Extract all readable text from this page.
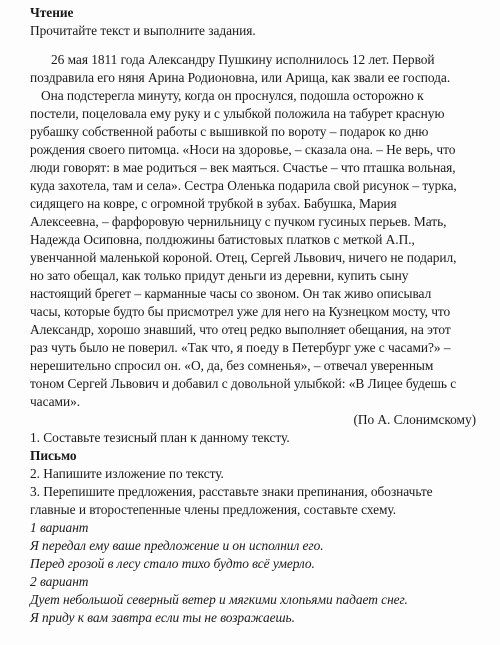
Чтение
Прочитайте текст и выполните задания.
26 мая 1811 года Александру Пушкину исполнилось 12 лет. Первой
поздравила его няня Арина Родионовна, или Арища, как звали ее господа.
Она подстерегла минуту, когда он проснулся, подошла осторожно к
постели, поцеловала ему руку и с улыбкой положила на табурет красную
рубашку собственной работы с вышивкой по вороту – подарок ко дню
рождения своего питомца. «Носи на здоровье, – сказала она. – Не верь, что
люди говорят: в мае родиться – век маяться. Счастье – что пташка вольная,
куда захотела, там и села». Сестра Оленька подарила свой рисунок – турка,
сидящего на ковре, с огромной трубкой в зубах. Бабушка, Мария
Алексеевна, – фарфоровую чернильницу с пучком гусиных перьев. Мать,
Надежда Осиповна, полдюжины батистовых платков с меткой А.П.,
увенчанной маленькой короной. Отец, Сергей Львович, ничего не подарил,
но зато обещал, как только придут деньги из деревни, купить сыну
настоящий брегет – карманные часы со звоном. Он так живо описывал
часы, которые будто бы присмотрел уже для него на Кузнецком мосту, что
Александр, хорошо знавший, что отец редко выполняет обещания, на этот
раз чуть было не поверил. «Так что, я поеду в Петербург уже с часами?» –
нерешительно спросил он. «О, да, без сомненья», – отвечал уверенным
тоном Сергей Львович и добавил с довольной улыбкой: «В Лицее будешь с
часами».
(По А. Слонимскому)
1. Составьте тезисный план к данному тексту.
Письмо
2. Напишите изложение по тексту.
3. Перепишите предложения, расставьте знаки препинания, обозначьте
главные и второстепенные члены предложения, составьте схему.
1 вариант
Я передал ему ваше предложение и он исполнил его.
Перед грозой в лесу стало тихо будто всё умерло.
2 вариант
Дует небольшой северный ветер и мягкими хлопьями падает снег.
Я приду к вам завтра если ты не возражаешь.
